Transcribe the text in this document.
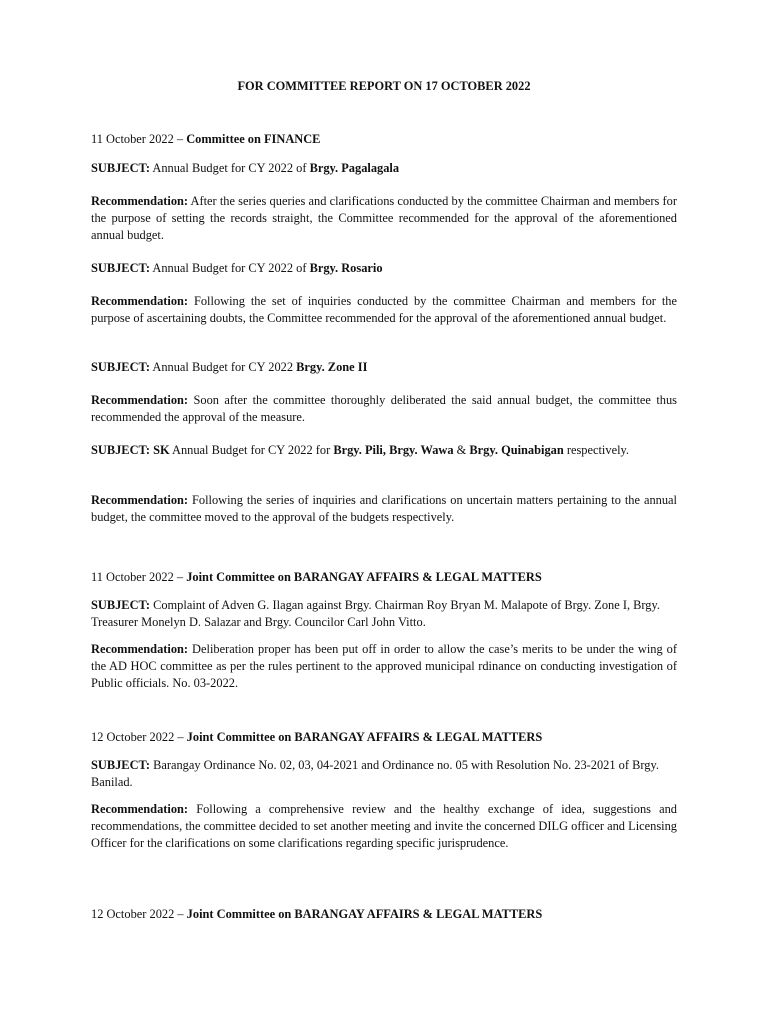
FOR COMMITTEE REPORT ON 17 OCTOBER 2022

11 October 2022 – Committee on FINANCE

SUBJECT: Annual Budget for CY 2022 of Brgy. Pagalagala

Recommendation: After the series queries and clarifications conducted by the committee Chairman and members for the purpose of setting the records straight, the Committee recommended for the approval of the aforementioned annual budget.

SUBJECT: Annual Budget for CY 2022 of Brgy. Rosario

Recommendation: Following the set of inquiries conducted by the committee Chairman and members for the purpose of ascertaining doubts, the Committee recommended for the approval of the aforementioned annual budget.

SUBJECT: Annual Budget for CY 2022 Brgy. Zone II

Recommendation: Soon after the committee thoroughly deliberated the said annual budget, the committee thus recommended the approval of the measure.

SUBJECT: SK Annual Budget for CY 2022 for Brgy. Pili, Brgy. Wawa & Brgy. Quinabigan respectively.

Recommendation: Following the series of inquiries and clarifications on uncertain matters pertaining to the annual budget, the committee moved to the approval of the budgets respectively.

11 October 2022 – Joint Committee on BARANGAY AFFAIRS & LEGAL MATTERS

SUBJECT: Complaint of Adven G. Ilagan against Brgy. Chairman Roy Bryan M. Malapote of Brgy. Zone I, Brgy. Treasurer Monelyn D. Salazar and Brgy. Councilor Carl John Vitto.

Recommendation: Deliberation proper has been put off in order to allow the case’s merits to be under the wing of the AD HOC committee as per the rules pertinent to the approved municipal rdinance on conducting investigation of Public officials. No. 03-2022.

12 October 2022 – Joint Committee on BARANGAY AFFAIRS & LEGAL MATTERS

SUBJECT: Barangay Ordinance No. 02, 03, 04-2021 and Ordinance no. 05 with Resolution No. 23-2021 of Brgy. Banilad.

Recommendation: Following a comprehensive review and the healthy exchange of idea, suggestions and recommendations, the committee decided to set another meeting and invite the concerned DILG officer and Licensing Officer for the clarifications on some clarifications regarding specific jurisprudence.

12 October 2022 – Joint Committee on BARANGAY AFFAIRS & LEGAL MATTERS
